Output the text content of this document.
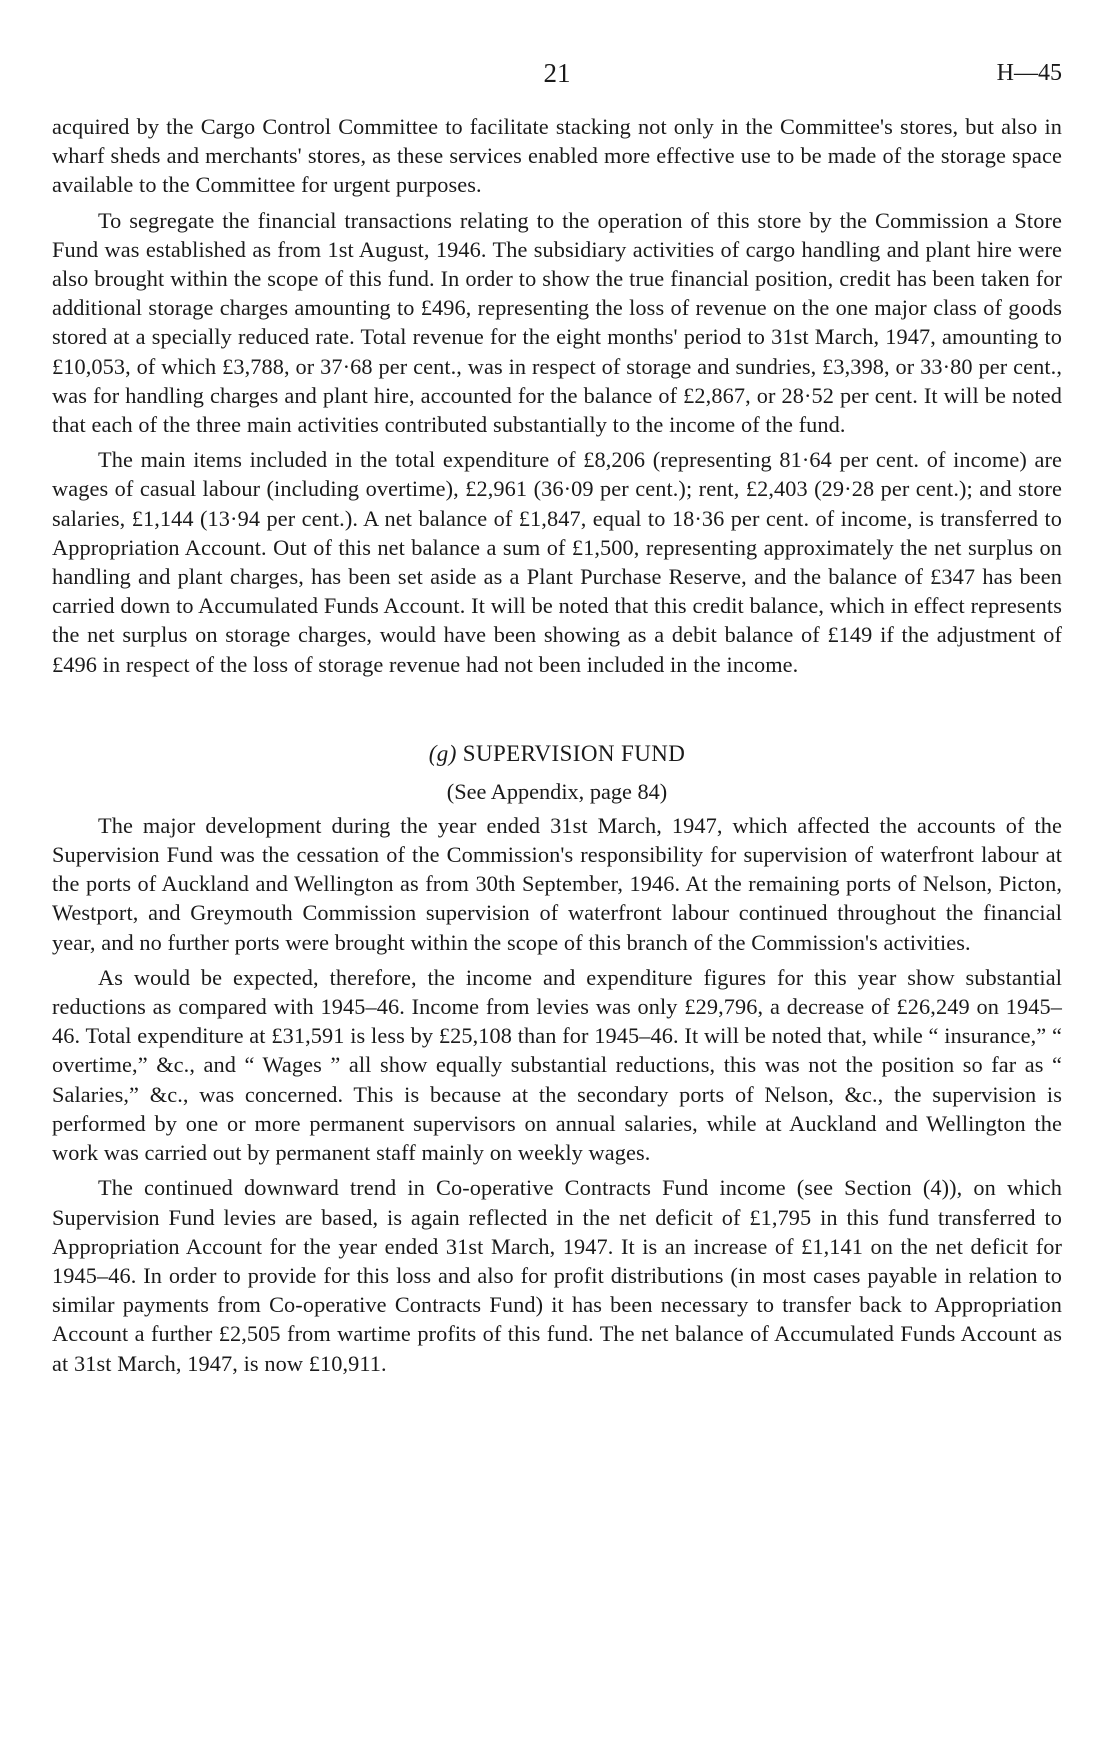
21	H—45

acquired by the Cargo Control Committee to facilitate stacking not only in the Committee's stores, but also in wharf sheds and merchants' stores, as these services enabled more effective use to be made of the storage space available to the Committee for urgent purposes.

To segregate the financial transactions relating to the operation of this store by the Commission a Store Fund was established as from 1st August, 1946. The subsidiary activities of cargo handling and plant hire were also brought within the scope of this fund. In order to show the true financial position, credit has been taken for additional storage charges amounting to £496, representing the loss of revenue on the one major class of goods stored at a specially reduced rate. Total revenue for the eight months' period to 31st March, 1947, amounting to £10,053, of which £3,788, or 37·68 per cent., was in respect of storage and sundries, £3,398, or 33·80 per cent., was for handling charges and plant hire, accounted for the balance of £2,867, or 28·52 per cent. It will be noted that each of the three main activities contributed substantially to the income of the fund.

The main items included in the total expenditure of £8,206 (representing 81·64 per cent. of income) are wages of casual labour (including overtime), £2,961 (36·09 per cent.); rent, £2,403 (29·28 per cent.); and store salaries, £1,144 (13·94 per cent.). A net balance of £1,847, equal to 18·36 per cent. of income, is transferred to Appropriation Account. Out of this net balance a sum of £1,500, representing approximately the net surplus on handling and plant charges, has been set aside as a Plant Purchase Reserve, and the balance of £347 has been carried down to Accumulated Funds Account. It will be noted that this credit balance, which in effect represents the net surplus on storage charges, would have been showing as a debit balance of £149 if the adjustment of £496 in respect of the loss of storage revenue had not been included in the income.

(g) SUPERVISION FUND
(See Appendix, page 84)

The major development during the year ended 31st March, 1947, which affected the accounts of the Supervision Fund was the cessation of the Commission's responsibility for supervision of waterfront labour at the ports of Auckland and Wellington as from 30th September, 1946. At the remaining ports of Nelson, Picton, Westport, and Greymouth Commission supervision of waterfront labour continued throughout the financial year, and no further ports were brought within the scope of this branch of the Commission's activities.

As would be expected, therefore, the income and expenditure figures for this year show substantial reductions as compared with 1945–46. Income from levies was only £29,796, a decrease of £26,249 on 1945–46. Total expenditure at £31,591 is less by £25,108 than for 1945–46. It will be noted that, while “ insurance,” “ overtime,” &c., and “ Wages ” all show equally substantial reductions, this was not the position so far as “ Salaries,” &c., was concerned. This is because at the secondary ports of Nelson, &c., the supervision is performed by one or more permanent supervisors on annual salaries, while at Auckland and Wellington the work was carried out by permanent staff mainly on weekly wages.

The continued downward trend in Co-operative Contracts Fund income (see Section (4)), on which Supervision Fund levies are based, is again reflected in the net deficit of £1,795 in this fund transferred to Appropriation Account for the year ended 31st March, 1947. It is an increase of £1,141 on the net deficit for 1945–46. In order to provide for this loss and also for profit distributions (in most cases payable in relation to similar payments from Co-operative Contracts Fund) it has been necessary to transfer back to Appropriation Account a further £2,505 from wartime profits of this fund. The net balance of Accumulated Funds Account as at 31st March, 1947, is now £10,911.
